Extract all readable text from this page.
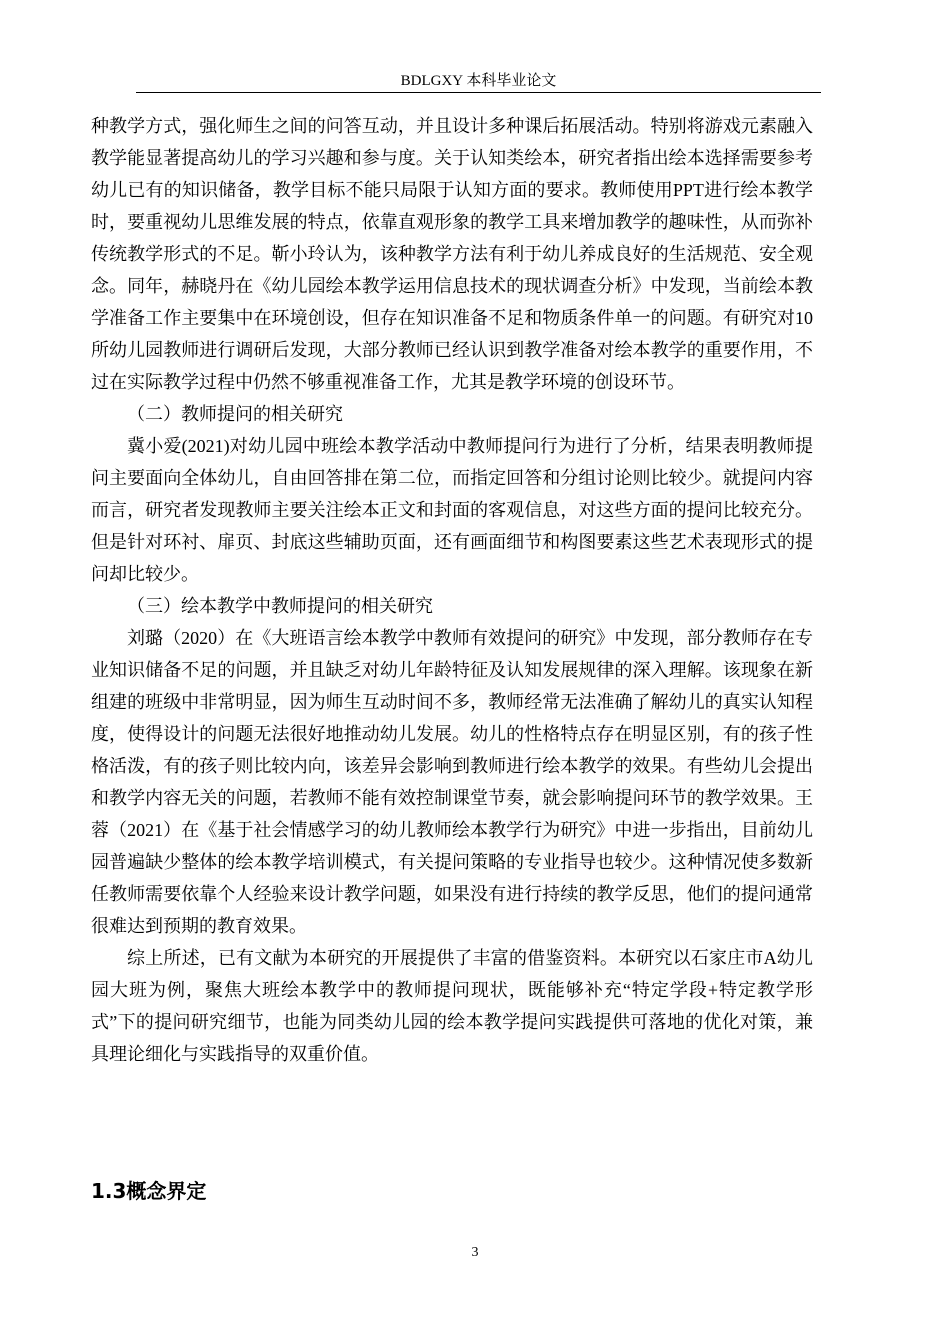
BDLGXY 本科毕业论文

种教学方式，强化师生之间的问答互动，并且设计多种课后拓展活动。特别将游戏元素融入教学能显著提高幼儿的学习兴趣和参与度。关于认知类绘本，研究者指出绘本选择需要参考幼儿已有的知识储备，教学目标不能只局限于认知方面的要求。教师使用PPT进行绘本教学时，要重视幼儿思维发展的特点，依靠直观形象的教学工具来增加教学的趣味性，从而弥补传统教学形式的不足。靳小玲认为，该种教学方法有利于幼儿养成良好的生活规范、安全观念。同年，赫晓丹在《幼儿园绘本教学运用信息技术的现状调查分析》中发现，当前绘本教学准备工作主要集中在环境创设，但存在知识准备不足和物质条件单一的问题。有研究对10所幼儿园教师进行调研后发现，大部分教师已经认识到教学准备对绘本教学的重要作用，不过在实际教学过程中仍然不够重视准备工作，尤其是教学环境的创设环节。

（二）教师提问的相关研究

冀小爱(2021)对幼儿园中班绘本教学活动中教师提问行为进行了分析，结果表明教师提问主要面向全体幼儿，自由回答排在第二位，而指定回答和分组讨论则比较少。就提问内容而言，研究者发现教师主要关注绘本正文和封面的客观信息，对这些方面的提问比较充分。但是针对环衬、扉页、封底这些辅助页面，还有画面细节和构图要素这些艺术表现形式的提问却比较少。

（三）绘本教学中教师提问的相关研究

刘璐（2020）在《大班语言绘本教学中教师有效提问的研究》中发现，部分教师存在专业知识储备不足的问题，并且缺乏对幼儿年龄特征及认知发展规律的深入理解。该现象在新组建的班级中非常明显，因为师生互动时间不多，教师经常无法准确了解幼儿的真实认知程度，使得设计的问题无法很好地推动幼儿发展。幼儿的性格特点存在明显区别，有的孩子性格活泼，有的孩子则比较内向，该差异会影响到教师进行绘本教学的效果。有些幼儿会提出和教学内容无关的问题，若教师不能有效控制课堂节奏，就会影响提问环节的教学效果。王蓉（2021）在《基于社会情感学习的幼儿教师绘本教学行为研究》中进一步指出，目前幼儿园普遍缺少整体的绘本教学培训模式，有关提问策略的专业指导也较少。这种情况使多数新任教师需要依靠个人经验来设计教学问题，如果没有进行持续的教学反思，他们的提问通常很难达到预期的教育效果。

综上所述，已有文献为本研究的开展提供了丰富的借鉴资料。本研究以石家庄市A幼儿园大班为例，聚焦大班绘本教学中的教师提问现状，既能够补充“特定学段+特定教学形式”下的提问研究细节，也能为同类幼儿园的绘本教学提问实践提供可落地的优化对策，兼具理论细化与实践指导的双重价值。

1.3概念界定
3
